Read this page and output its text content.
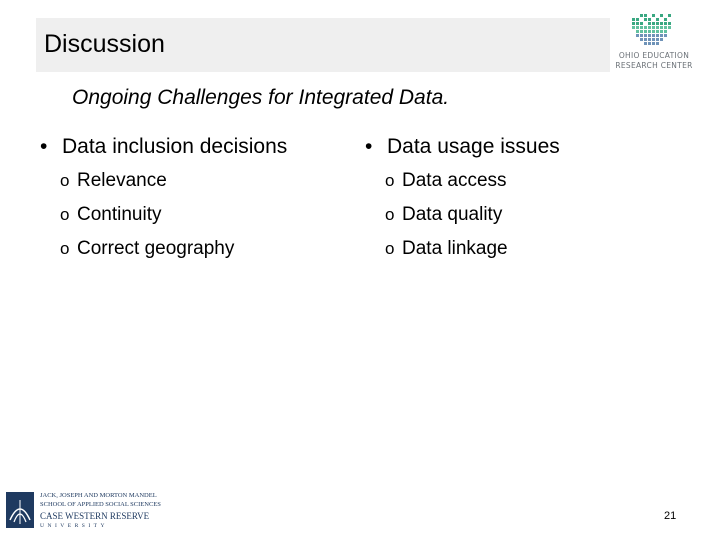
Discussion	OHIO EDUCATION
RESEARCH CENTER
Ongoing Challenges for Integrated Data.
• Data inclusion decisions
o Relevance
o Continuity
o Correct geography
• Data usage issues
o Data access
o Data quality
o Data linkage
JACK, JOSEPH AND MORTON MANDEL
SCHOOL OF APPLIED SOCIAL SCIENCES
CASE WESTERN RESERVE
UNIVERSITY
21
